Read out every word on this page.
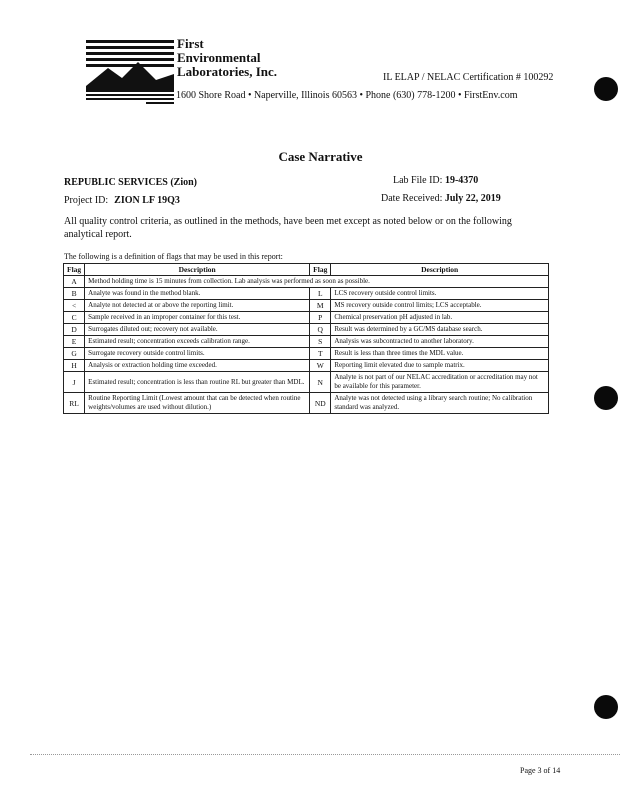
First
Environmental
Laboratories, Inc.	IL ELAP / NELAC Certification # 100292
1600 Shore Road • Naperville, Illinois 60563 • Phone (630) 778-1200 • FirstEnv.com
Case Narrative
REPUBLIC SERVICES (Zion)
Project ID: ZION LF 19Q3
Lab File ID: 19-4370
Date Received: July 22, 2019
All quality control criteria, as outlined in the methods, have been met except as noted below or on the following analytical report.
The following is a definition of flags that may be used in this report:
Flag	Description	Flag	Description
A	Method holding time is 15 minutes from collection. Lab analysis was performed as soon as possible.		
B	Analyte was found in the method blank.	L	LCS recovery outside control limits.
<	Analyte not detected at or above the reporting limit.	M	MS recovery outside control limits; LCS acceptable.
C	Sample received in an improper container for this test.	P	Chemical preservation pH adjusted in lab.
D	Surrogates diluted out; recovery not available.	Q	Result was determined by a GC/MS database search.
E	Estimated result; concentration exceeds calibration range.	S	Analysis was subcontracted to another laboratory.
G	Surrogate recovery outside control limits.	T	Result is less than three times the MDL value.
H	Analysis or extraction holding time exceeded.	W	Reporting limit elevated due to sample matrix.
J	Estimated result; concentration is less than routine RL but greater than MDL.	N	Analyte is not part of our NELAC accreditation or accreditation may not be available for this parameter.
RL	Routine Reporting Limit (Lowest amount that can be detected when routine weights/volumes are used without dilution.)	ND	Analyte was not detected using a library search routine; No calibration standard was analyzed.
Page 3 of 14
